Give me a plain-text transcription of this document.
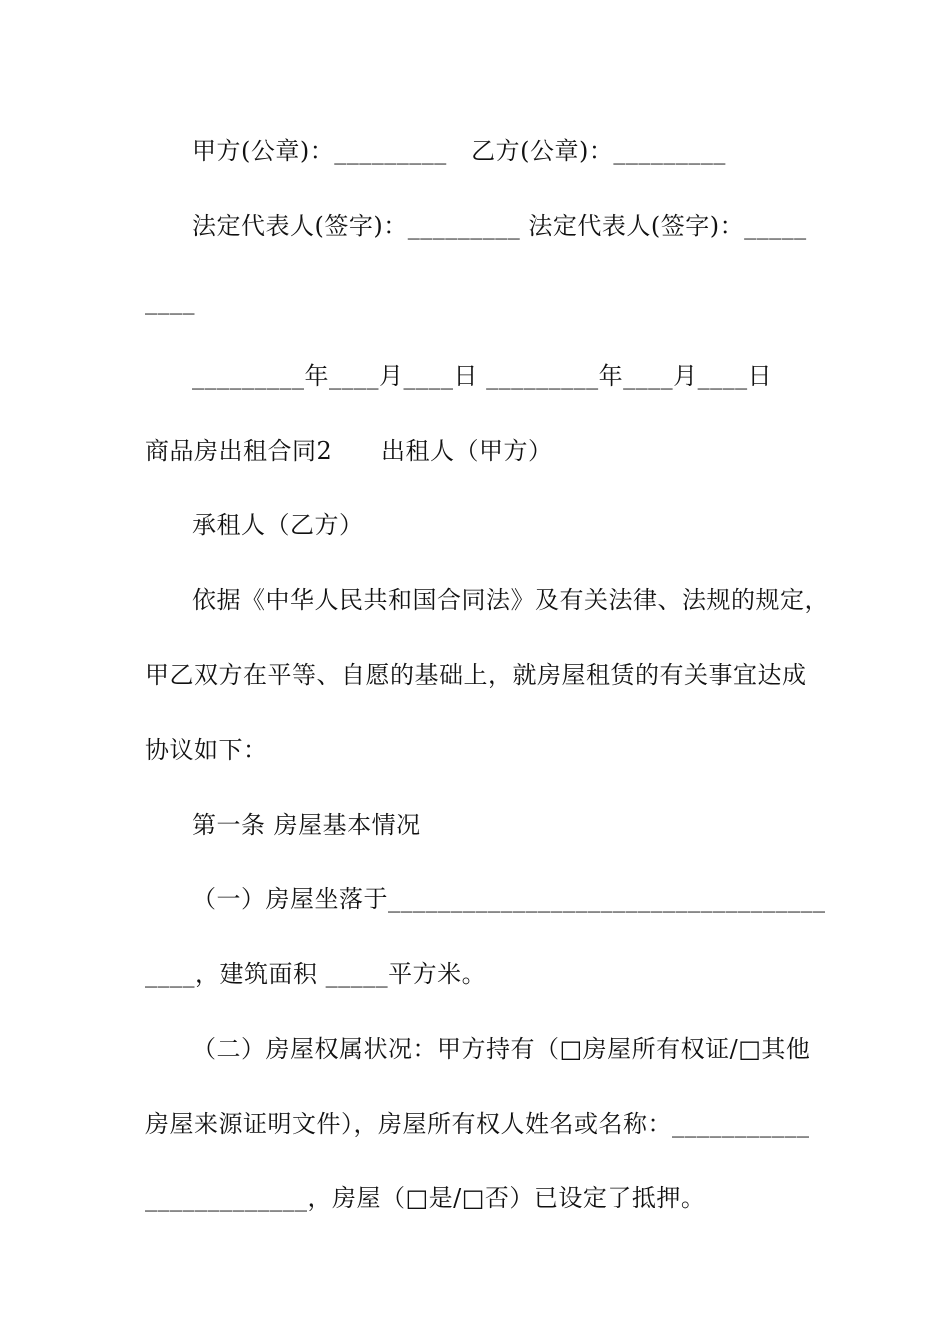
甲方(公章)：_________   乙方(公章)：_________
法定代表人(签字)：_________ 法定代表人(签字)：_____
____
_________年____月____日 _________年____月____日
商品房出租合同2      出租人（甲方）
承租人（乙方）
依据《中华人民共和国合同法》及有关法律、法规的规定，
甲乙双方在平等、自愿的基础上，就房屋租赁的有关事宜达成
协议如下：
第一条 房屋基本情况
（一）房屋坐落于___________________________________
____，建筑面积 _____平方米。
（二）房屋权属状况：甲方持有（□房屋所有权证/□其他
房屋来源证明文件），房屋所有权人姓名或名称：___________
_____________，房屋（□是/□否）已设定了抵押。
